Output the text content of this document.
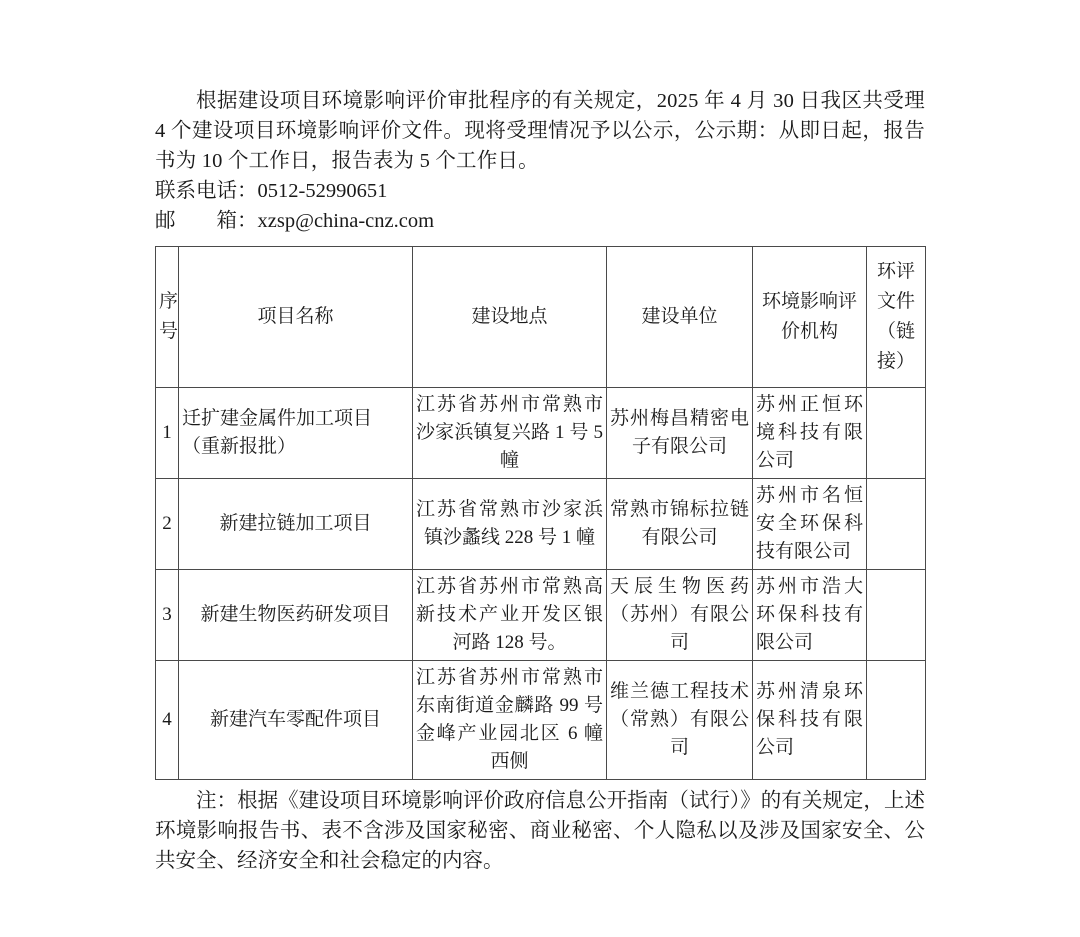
根据建设项目环境影响评价审批程序的有关规定，2025 年 4 月 30 日我区共受理 4 个建设项目环境影响评价文件。现将受理情况予以公示，公示期：从即日起，报告书为 10 个工作日，报告表为 5 个工作日。

联系电话：0512-52990651

邮　　箱：xzsp@china-cnz.com

序号	项目名称	建设地点	建设单位	环境影响评价机构	环评文件（链接）

1	迁扩建金属件加工项目（重新报批）	江苏省苏州市常熟市沙家浜镇复兴路 1 号 5 幢	苏州梅昌精密电子有限公司	苏州正恒环境科技有限公司	

2	新建拉链加工项目	江苏省常熟市沙家浜镇沙蠡线 228 号 1 幢	常熟市锦标拉链有限公司	苏州市名恒安全环保科技有限公司	

3	新建生物医药研发项目	江苏省苏州市常熟高新技术产业开发区银河路 128 号。	天辰生物医药（苏州）有限公司	苏州市浩大环保科技有限公司	

4	新建汽车零配件项目	江苏省苏州市常熟市东南街道金麟路 99 号金峰产业园北区 6 幢西侧	维兰德工程技术（常熟）有限公司	苏州清泉环保科技有限公司	

注：根据《建设项目环境影响评价政府信息公开指南（试行）》的有关规定，上述环境影响报告书、表不含涉及国家秘密、商业秘密、个人隐私以及涉及国家安全、公共安全、经济安全和社会稳定的内容。
